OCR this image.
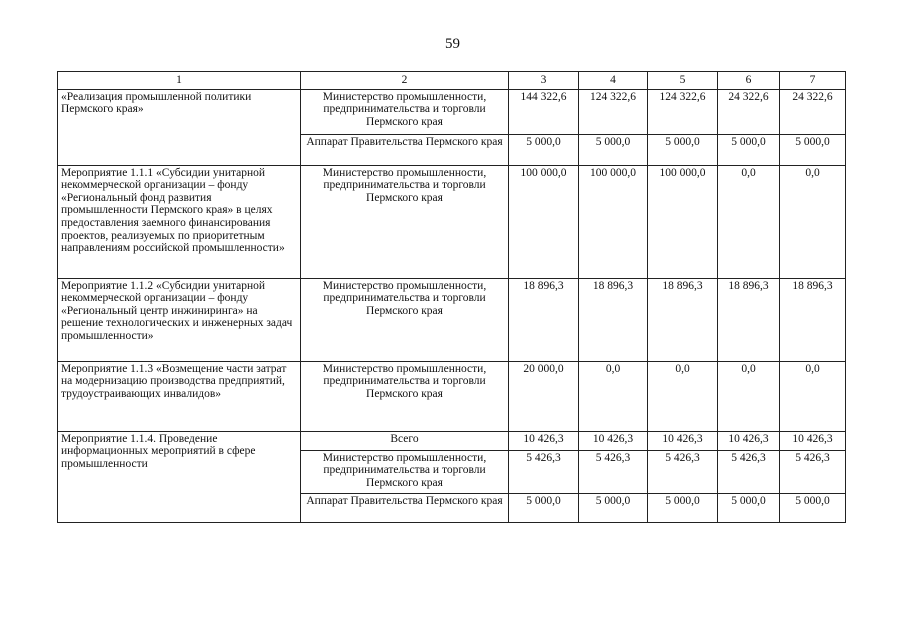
59
1	2	3	4	5	6	7
«Реализация промышленной политики Пермского края»	Министерство промышленности, предпринимательства и торговли Пермского края	144 322,6	124 322,6	124 322,6	24 322,6	24 322,6
	Аппарат Правительства Пермского края	5 000,0	5 000,0	5 000,0	5 000,0	5 000,0
Мероприятие 1.1.1 «Субсидии унитарной некоммерческой организации – фонду «Региональный фонд развития промышленности Пермского края» в целях предоставления заемного финансирования проектов, реализуемых по приоритетным направлениям российской промышленности»	Министерство промышленности, предпринимательства и торговли Пермского края	100 000,0	100 000,0	100 000,0	0,0	0,0
Мероприятие 1.1.2 «Субсидии унитарной некоммерческой организации – фонду «Региональный центр инжиниринга» на решение технологических и инженерных задач промышленности»	Министерство промышленности, предпринимательства и торговли Пермского края	18 896,3	18 896,3	18 896,3	18 896,3	18 896,3
Мероприятие 1.1.3 «Возмещение части затрат на модернизацию производства предприятий, трудоустраивающих инвалидов»	Министерство промышленности, предпринимательства и торговли Пермского края	20 000,0	0,0	0,0	0,0	0,0
Мероприятие 1.1.4. Проведение информационных мероприятий в сфере промышленности	Всего	10 426,3	10 426,3	10 426,3	10 426,3	10 426,3
	Министерство промышленности, предпринимательства и торговли Пермского края	5 426,3	5 426,3	5 426,3	5 426,3	5 426,3
	Аппарат Правительства Пермского края	5 000,0	5 000,0	5 000,0	5 000,0	5 000,0
